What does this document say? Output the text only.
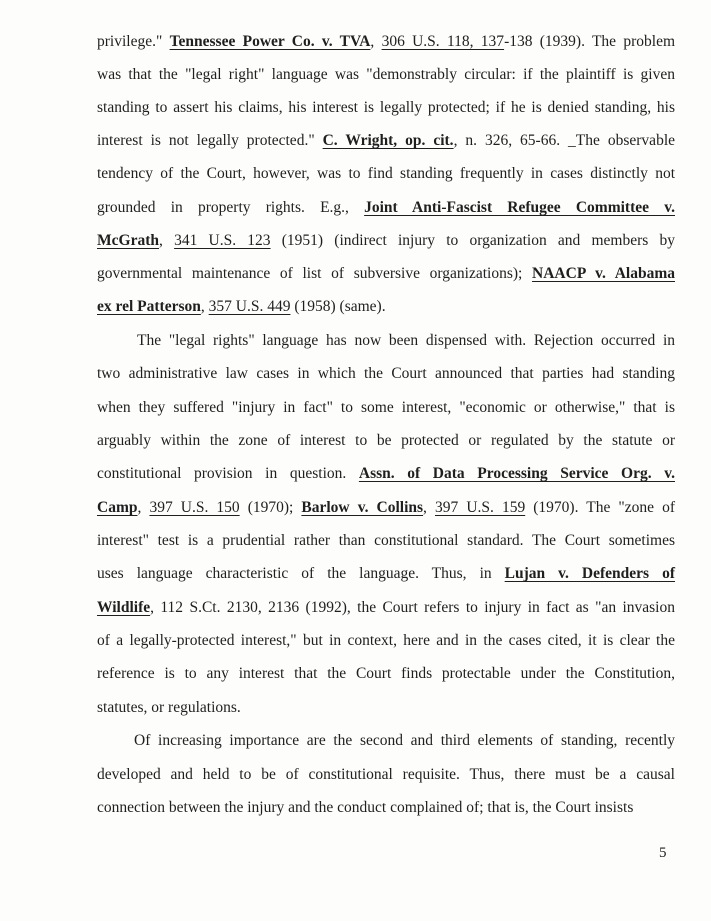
privilege." Tennessee Power Co. v. TVA, 306 U.S. 118, 137-138 (1939). The problem
was that the "legal right" language was "demonstrably circular: if the plaintiff is given
standing to assert his claims, his interest is legally protected; if he is denied standing, his
interest is not legally protected." C. Wright, op. cit., n. 326, 65-66. _The observable
tendency of the Court, however, was to find standing frequently in cases distinctly not
grounded in property rights. E.g., Joint Anti-Fascist Refugee Committee v.
McGrath, 341 U.S. 123 (1951) (indirect injury to organization and members by
governmental maintenance of list of subversive organizations); NAACP v. Alabama
ex rel Patterson, 357 U.S. 449 (1958) (same).
The "legal rights" language has now been dispensed with. Rejection occurred in
two administrative law cases in which the Court announced that parties had standing
when they suffered "injury in fact" to some interest, "economic or otherwise," that is
arguably within the zone of interest to be protected or regulated by the statute or
constitutional provision in question. Assn. of Data Processing Service Org. v.
Camp, 397 U.S. 150 (1970); Barlow v. Collins, 397 U.S. 159 (1970). The "zone of
interest" test is a prudential rather than constitutional standard. The Court sometimes
uses language characteristic of the language. Thus, in Lujan v. Defenders of
Wildlife, 112 S.Ct. 2130, 2136 (1992), the Court refers to injury in fact as "an invasion
of a legally-protected interest," but in context, here and in the cases cited, it is clear the
reference is to any interest that the Court finds protectable under the Constitution,
statutes, or regulations.
Of increasing importance are the second and third elements of standing, recently
developed and held to be of constitutional requisite. Thus, there must be a causal
connection between the injury and the conduct complained of; that is, the Court insists
5
